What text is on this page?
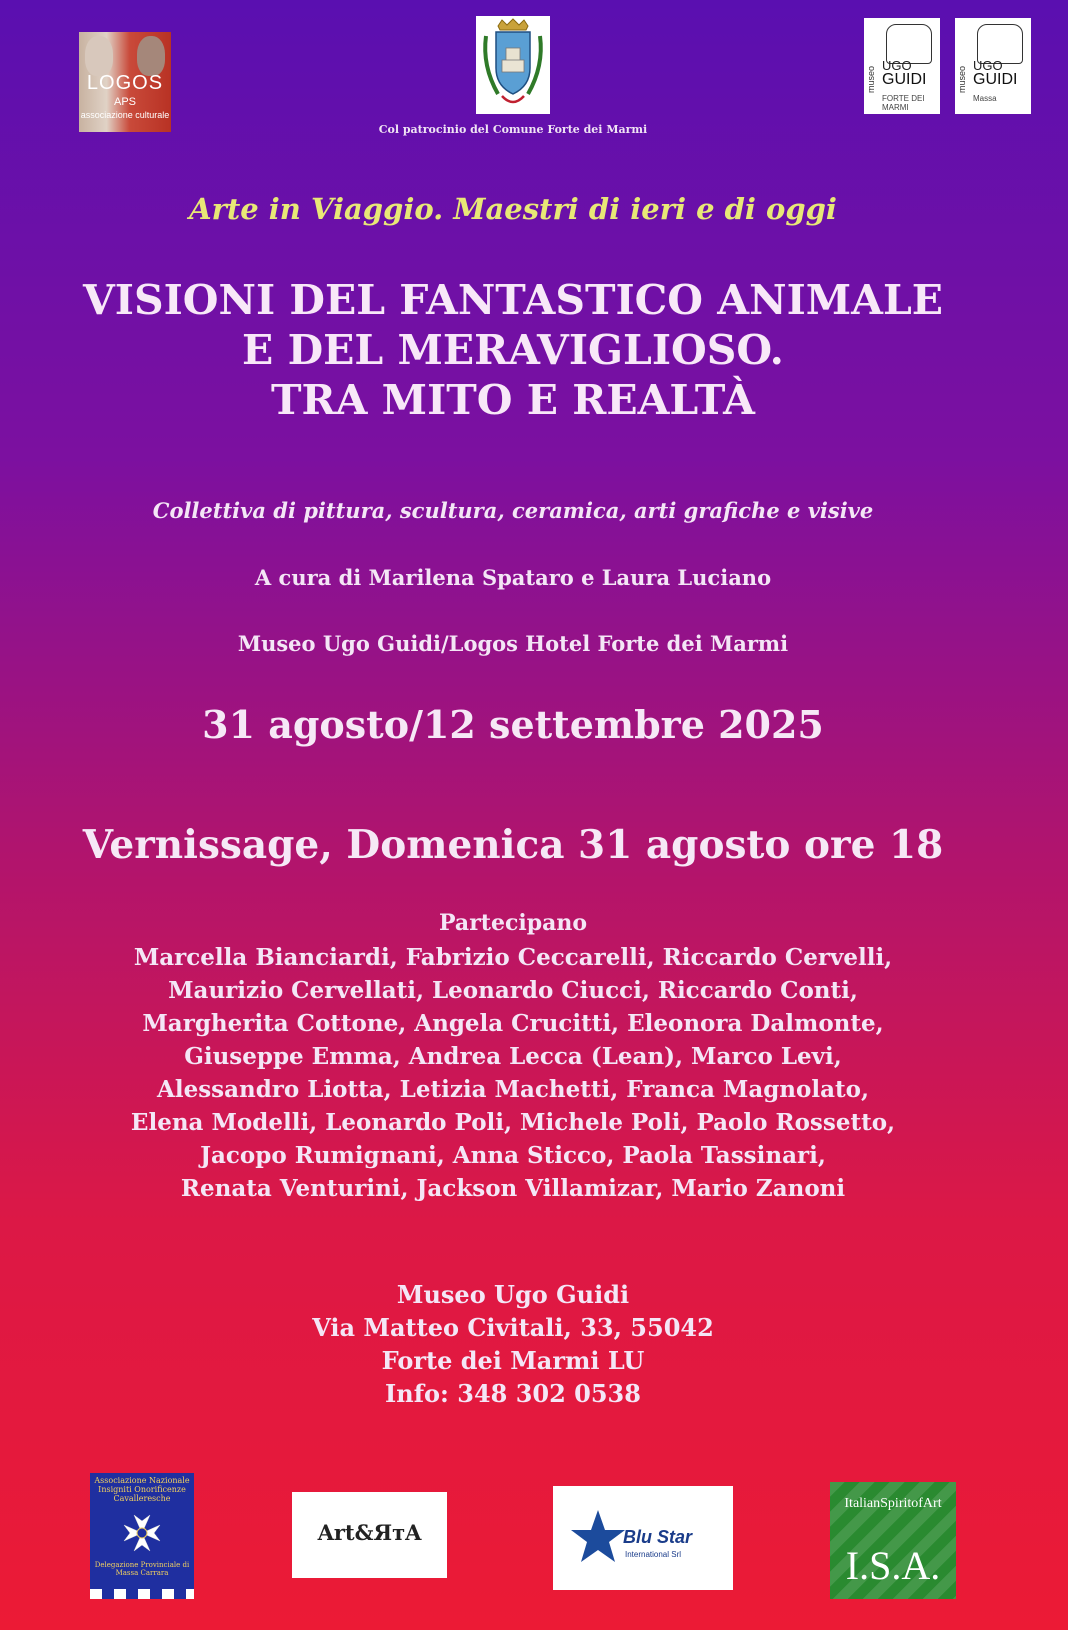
LOGOS
APS
associazione culturale
Col patrocinio del Comune Forte dei Marmi
museo
UGO
GUIDI
FORTE DEI MARMI
museo
UGO
GUIDI
Massa
Arte in Viaggio. Maestri di ieri e di oggi
VISIONI DEL FANTASTICO ANIMALE
E DEL MERAVIGLIOSO.
TRA MITO E REALTÀ
Collettiva di pittura, scultura, ceramica, arti grafiche e visive
A cura di Marilena Spataro e Laura Luciano
Museo Ugo Guidi/Logos Hotel Forte dei Marmi
31 agosto/12 settembre 2025
Vernissage, Domenica 31 agosto ore 18
Partecipano
Marcella Bianciardi, Fabrizio Ceccarelli, Riccardo Cervelli,
Maurizio Cervellati, Leonardo Ciucci, Riccardo Conti,
Margherita Cottone, Angela Crucitti, Eleonora Dalmonte,
Giuseppe Emma, Andrea Lecca (Lean), Marco Levi,
Alessandro Liotta, Letizia Machetti, Franca Magnolato,
Elena Modelli, Leonardo Poli, Michele Poli, Paolo Rossetto,
Jacopo Rumignani, Anna Sticco, Paola Tassinari,
Renata Venturini, Jackson Villamizar, Mario Zanoni
Museo Ugo Guidi
Via Matteo Civitali, 33, 55042
Forte dei Marmi LU
Info: 348 302 0538
Associazione Nazionale Insigniti Onorificenze Cavalleresche
Delegazione Provinciale di Massa Carrara
Art&ЯтA	Blu Star
International Srl
ItalianSpiritofArt
I.S.A.
